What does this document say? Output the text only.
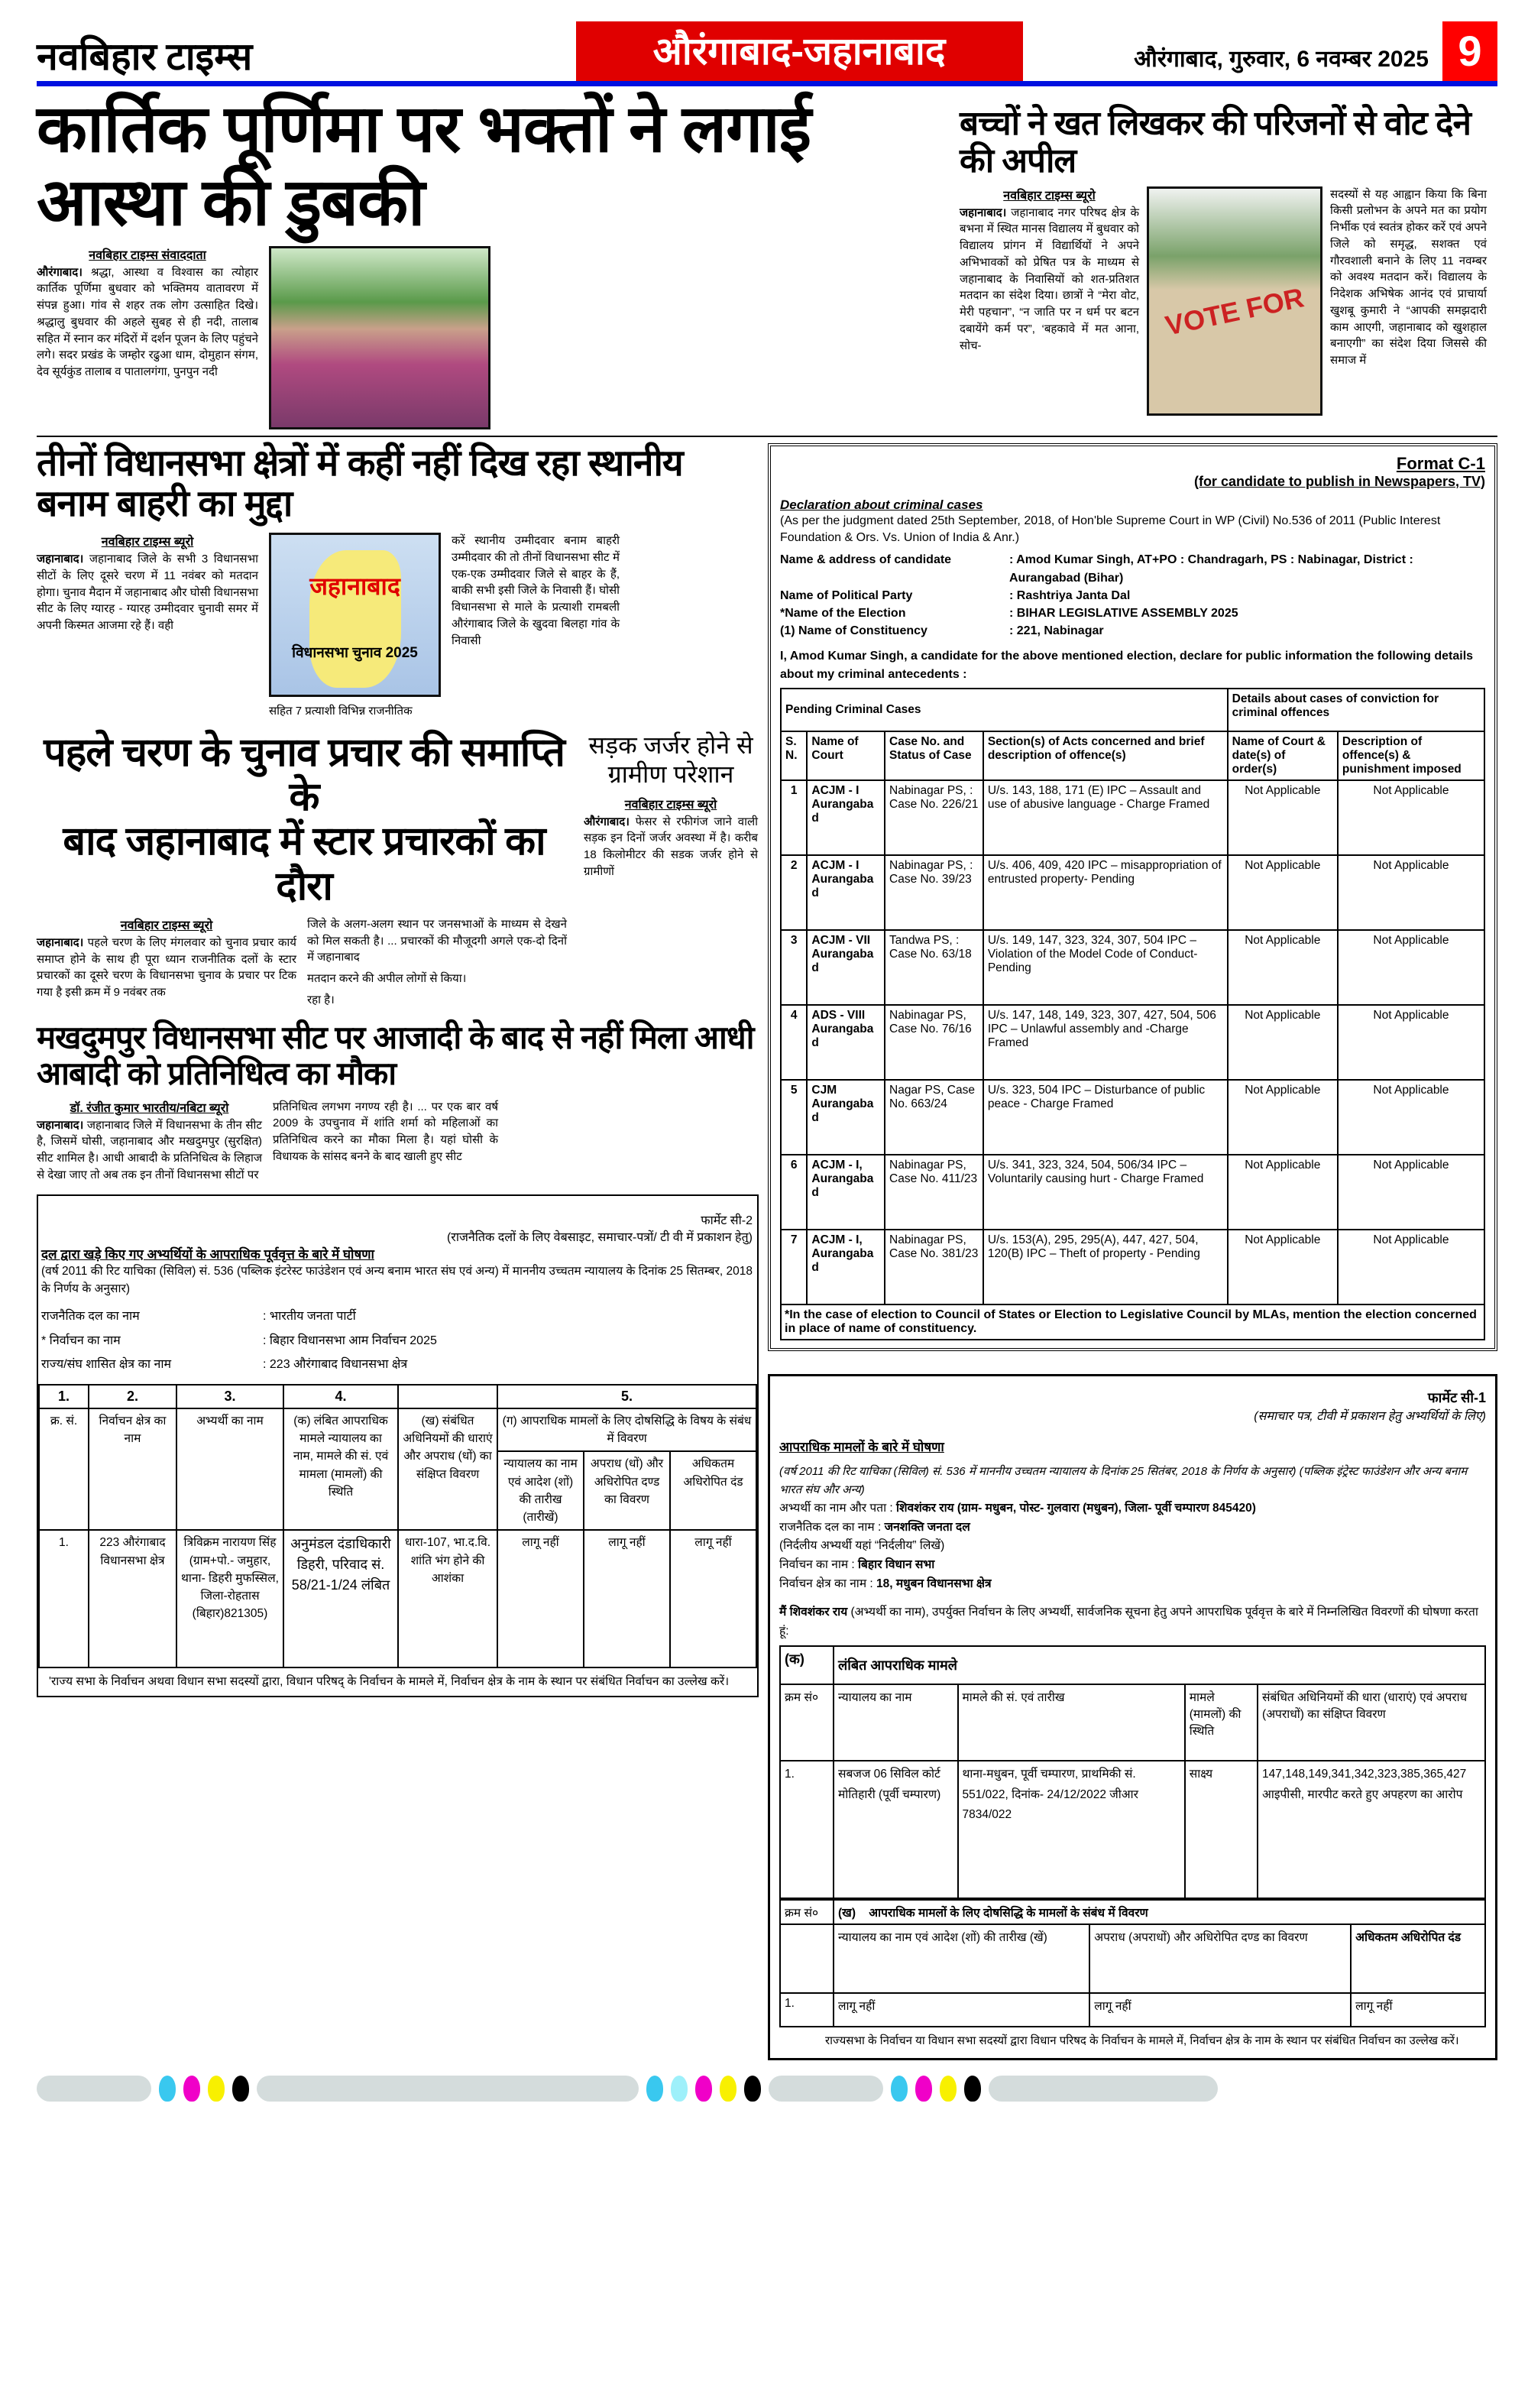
नवबिहार टाइम्स	औरंगाबाद-जहानाबाद	औरंगाबाद, गुरुवार, 6 नवम्बर 2025 9
कार्तिक पूर्णिमा पर भक्तों ने लगाई आस्था की डुबकी
नवबिहार टाइम्स संवाददाता
औरंगाबाद। श्रद्धा, आस्था व विश्वास का त्योहार कार्तिक पूर्णिमा बुधवार को भक्तिमय वातावरण में संपन्न हुआ। गांव से शहर तक लोग उत्साहित दिखे। श्रद्धालु बुधवार की अहले सुबह से ही नदी, तालाब सहित में स्नान कर मंदिरों में दर्शन पूजन के लिए पहुंचने लगे। सदर प्रखंड के जम्होर रढुआ धाम, दोमुहान संगम, देव सूर्यकुंड तालाब व पातालगंगा, पुनपुन नदी
बच्चों ने खत लिखकर की परिजनों से वोट देने की अपील
नवबिहार टाइम्स ब्यूरो
जहानाबाद। जहानाबाद नगर परिषद क्षेत्र के बभना में स्थित मानस विद्यालय में बुधवार को विद्यालय प्रांगन में विद्यार्थियों ने अपने अभिभावकों को प्रेषित पत्र के माध्यम से जहानाबाद के निवासियों को शत-प्रतिशत मतदान का संदेश दिया। छात्रों ने “मेरा वोट, मेरी पहचान”, “न जाति पर न धर्म पर बटन दबायेंगे कर्म पर”, ‘बहकावे में मत आना, सोच-
VOTE FOR
सदस्यों से यह आह्वान किया कि बिना किसी प्रलोभन के अपने मत का प्रयोग निर्भीक एवं स्वतंत्र होकर करें एवं अपने जिले को समृद्ध, सशक्त एवं गौरवशाली बनाने के लिए 11 नवम्बर को अवश्य मतदान करें। विद्यालय के निदेशक अभिषेक आनंद एवं प्राचार्या खुशबू कुमारी ने “आपकी समझदारी काम आएगी, जहानाबाद को खुशहाल बनाएगी” का संदेश दिया जिससे की समाज में
तीनों विधानसभा क्षेत्रों में कहीं नहीं दिख रहा स्थानीय बनाम बाहरी का मुद्दा
नवबिहार टाइम्स ब्यूरो
जहानाबाद। जहानाबाद जिले के सभी 3 विधानसभा सीटों के लिए दूसरे चरण में 11 नवंबर को मतदान होगा। चुनाव मैदान में जहानाबाद और घोसी विधानसभा सीट के लिए ग्यारह - ग्यारह उम्मीदवार चुनावी समर में अपनी किस्मत आजमा रहे हैं। वही
जहानाबाद
विधानसभा चुनाव 2025
सहित 7 प्रत्याशी विभिन्न राजनीतिक
करें स्थानीय उम्मीदवार बनाम बाहरी उम्मीदवार की तो तीनों विधानसभा सीट में एक-एक उम्मीदवार जिले से बाहर के हैं, बाकी सभी इसी जिले के निवासी हैं। घोसी विधानसभा से माले के प्रत्याशी रामबली औरंगाबाद जिले के खुदवा बिलहा गांव के निवासी
पहले चरण के चुनाव प्रचार की समाप्ति के
बाद जहानाबाद में स्टार प्रचारकों का दौरा
नवबिहार टाइम्स ब्यूरो
जहानाबाद। पहले चरण के लिए मंगलवार को चुनाव प्रचार कार्य समाप्त होने के साथ ही पूरा ध्यान राजनीतिक दलों के स्टार प्रचारकों का दूसरे चरण के विधानसभा चुनाव के प्रचार पर टिक गया है इसी क्रम में 9 नवंबर तक
जिले के अलग-अलग स्थान पर जनसभाओं के माध्यम से देखने को मिल सकती है। ... प्रचारकों की मौजूदगी अगले एक-दो दिनों में जहानाबाद
मतदान करने की अपील लोगों से किया।
रहा है।
सड़क जर्जर होने से ग्रामीण परेशान
नवबिहार टाइम्स ब्यूरो
औरंगाबाद। फेसर से रफीगंज जाने वाली सड़क इन दिनों जर्जर अवस्था में है। करीब 18 किलोमीटर की सडक जर्जर होने से ग्रामीणों
मखदुमपुर विधानसभा सीट पर आजादी के बाद से नहीं मिला आधी आबादी को प्रतिनिधित्व का मौका
डॉ. रंजीत कुमार भारतीय/नबिटा ब्यूरो
जहानाबाद। जहानाबाद जिले में विधानसभा के तीन सीट है, जिसमें घोसी, जहानाबाद और मखदुमपुर (सुरक्षित) सीट शामिल है। आधी आबादी के प्रतिनिधित्व के लिहाज से देखा जाए तो अब तक इन तीनों विधानसभा सीटों पर
प्रतिनिधित्व लगभग नगण्य रही है। ... पर एक बार वर्ष 2009 के उपचुनाव में शांति शर्मा को महिलाओं का प्रतिनिधित्व करने का मौका मिला है। यहां घोसी के विधायक के सांसद बनने के बाद खाली हुए सीट
फार्मेट सी-2
(राजनैतिक दलों के लिए वेबसाइट, समाचार-पत्रों/ टी वी में प्रकाशन हेतु)
दल द्वारा खड़े किए गए अभ्यर्थियों के आपराधिक पूर्ववृत्त के बारे में घोषणा
(वर्ष 2011 की रिट याचिका (सिविल) सं. 536 (पब्लिक इंटरेस्ट फाउंडेशन एवं अन्य बनाम भारत संघ एवं अन्य) में माननीय उच्चतम न्यायालय के दिनांक 25 सितम्बर, 2018 के निर्णय के अनुसार)
राजनैतिक दल का नाम	: भारतीय जनता पार्टी
* निर्वाचन का नाम	: बिहार विधानसभा आम निर्वाचन 2025
राज्य/संघ शासित क्षेत्र का नाम	: 223 औरंगाबाद विधानसभा क्षेत्र
1.	2.	3.	4.		5.		
क्र. सं.	निर्वाचन क्षेत्र का नाम	अभ्यर्थी का नाम	(क) लंबित आपराधिक मामले न्यायालय का नाम, मामले की सं. एवं मामला (मामलों) की स्थिति	(ख) संबंधित अधिनियमों की धाराएं और अपराध (धों) का संक्षिप्त विवरण	(ग) आपराधिक मामलों के लिए दोषसिद्धि के विषय के संबंध में विवरण		
					न्यायालय का नाम एवं आदेश (शों) की तारीख (तारीखें)	अपराध (धों) और अधिरोपित दण्ड का विवरण	अधिकतम अधिरोपित दंड
1.	223 औरंगाबाद विधानसभा क्षेत्र	त्रिविक्रम नारायण सिंह (ग्राम+पो.- जमुहार, थाना- डिहरी मुफस्सिल, जिला-रोहतास (बिहार)821305)	अनुमंडल दंडाधिकारी डिहरी, परिवाद सं. 58/21-1/24 लंबित	धारा-107, भा.द.वि. शांति भंग होने की आशंका	लागू नहीं	लागू नहीं	लागू नहीं
'राज्य सभा के निर्वाचन अथवा विधान सभा सदस्यों द्वारा, विधान परिषद् के निर्वाचन के मामले में, निर्वाचन क्षेत्र के नाम के स्थान पर संबंधित निर्वाचन का उल्लेख करें।
Format C-1
(for candidate to publish in Newspapers, TV)
Declaration about criminal cases
(As per the judgment dated 25th September, 2018, of Hon'ble Supreme Court in WP (Civil) No.536 of 2011 (Public Interest Foundation & Ors. Vs. Union of India & Anr.)
Name & address of candidate	: Amod Kumar Singh, AT+PO : Chandragarh, PS : Nabinagar, District : Aurangabad (Bihar)
Name of Political Party	: Rashtriya Janta Dal
*Name of the Election	: BIHAR LEGISLATIVE ASSEMBLY 2025
(1) Name of Constituency	: 221, Nabinagar
I, Amod Kumar Singh, a candidate for the above mentioned election, declare for public information the following details about my criminal antecedents :
Pending Criminal Cases				Details about cases of conviction for criminal offences	
S. N.	Name of Court	Case No. and Status of Case	Section(s) of Acts concerned and brief description of offence(s)	Name of Court & date(s) of order(s)	Description of offence(s) & punishment imposed
1	ACJM - I Aurangabad	Nabinagar PS, : Case No. 226/21	U/s. 143, 188, 171 (E) IPC – Assault and use of abusive language - Charge Framed	Not Applicable	Not Applicable
2	ACJM - I Aurangabad	Nabinagar PS, : Case No. 39/23	U/s. 406, 409, 420 IPC – misappropriation of entrusted property- Pending	Not Applicable	Not Applicable
3	ACJM - VII Aurangabad	Tandwa PS, : Case No. 63/18	U/s. 149, 147, 323, 324, 307, 504 IPC – Violation of the Model Code of Conduct- Pending	Not Applicable	Not Applicable
4	ADS - VIII Aurangabad	Nabinagar PS, Case No. 76/16	U/s. 147, 148, 149, 323, 307, 427, 504, 506 IPC – Unlawful assembly and -Charge Framed	Not Applicable	Not Applicable
5	CJM Aurangabad	Nagar PS, Case No. 663/24	U/s. 323, 504 IPC – Disturbance of public peace - Charge Framed	Not Applicable	Not Applicable
6	ACJM - I, Aurangabad	Nabinagar PS, Case No. 411/23	U/s. 341, 323, 324, 504, 506/34 IPC – Voluntarily causing hurt - Charge Framed	Not Applicable	Not Applicable
7	ACJM - I, Aurangabad	Nabinagar PS, Case No. 381/23	U/s. 153(A), 295, 295(A), 447, 427, 504, 120(B) IPC – Theft of property - Pending	Not Applicable	Not Applicable
*In the case of election to Council of States or Election to Legislative Council by MLAs, mention the election concerned in place of name of constituency.
फार्मेट सी-1
(समाचार पत्र, टीवी में प्रकाशन हेतु अभ्यर्थियों के लिए)
आपराधिक मामलों के बारे में घोषणा
(वर्ष 2011 की रिट याचिका (सिविल) सं. 536 में माननीय उच्चतम न्यायालय के दिनांक 25 सितंबर, 2018 के निर्णय के अनुसार) (पब्लिक इंट्रेस्ट फाउंडेशन और अन्य बनाम भारत संघ और अन्य)
अभ्यर्थी का नाम और पता : शिवशंकर राय (ग्राम- मधुबन, पोस्ट- गुलवारा (मधुबन), जिला- पूर्वी चम्पारण 845420)
राजनैतिक दल का नाम : जनशक्ति जनता दल
(निर्दलीय अभ्यर्थी यहां “निर्दलीय” लिखें)
निर्वाचन का नाम : बिहार विधान सभा
निर्वाचन क्षेत्र का नाम : 18, मधुबन विधानसभा क्षेत्र
मैं शिवशंकर राय (अभ्यर्थी का नाम), उपर्युक्त निर्वाचन के लिए अभ्यर्थी, सार्वजनिक सूचना हेतु अपने आपराधिक पूर्ववृत्त के बारे में निम्नलिखित विवरणों की घोषणा करता हूं:
(क)	लंबित आपराधिक मामले			
क्रम सं०	न्यायालय का नाम	मामले की सं. एवं तारीख	मामले (मामलों) की स्थिति	संबंधित अधिनियमों की धारा (धाराएं) एवं अपराध (अपराधों) का संक्षिप्त विवरण
1.	सबजज 06 सिविल कोर्ट मोतिहारी (पूर्वी चम्पारण)	थाना-मधुबन, पूर्वी चम्पारण, प्राथमिकी सं. 551/022, दिनांक- 24/12/2022 जीआर 7834/022	साक्ष्य	147,148,149,341,342,323,385,365,427 आइपीसी, मारपीट करते हुए अपहरण का आरोप
क्रम सं०	(ख) आपराधिक मामलों के लिए दोषसिद्धि के मामलों के संबंध में विवरण		
	न्यायालय का नाम एवं आदेश (शों) की तारीख (खें)	अपराध (अपराधों) और अधिरोपित दण्ड का विवरण	अधिकतम अधिरोपित दंड
1.	लागू नहीं	लागू नहीं	लागू नहीं
राज्यसभा के निर्वाचन या विधान सभा सदस्यों द्वारा विधान परिषद के निर्वाचन के मामले में, निर्वाचन क्षेत्र के नाम के स्थान पर संबंधित निर्वाचन का उल्लेख करें।
